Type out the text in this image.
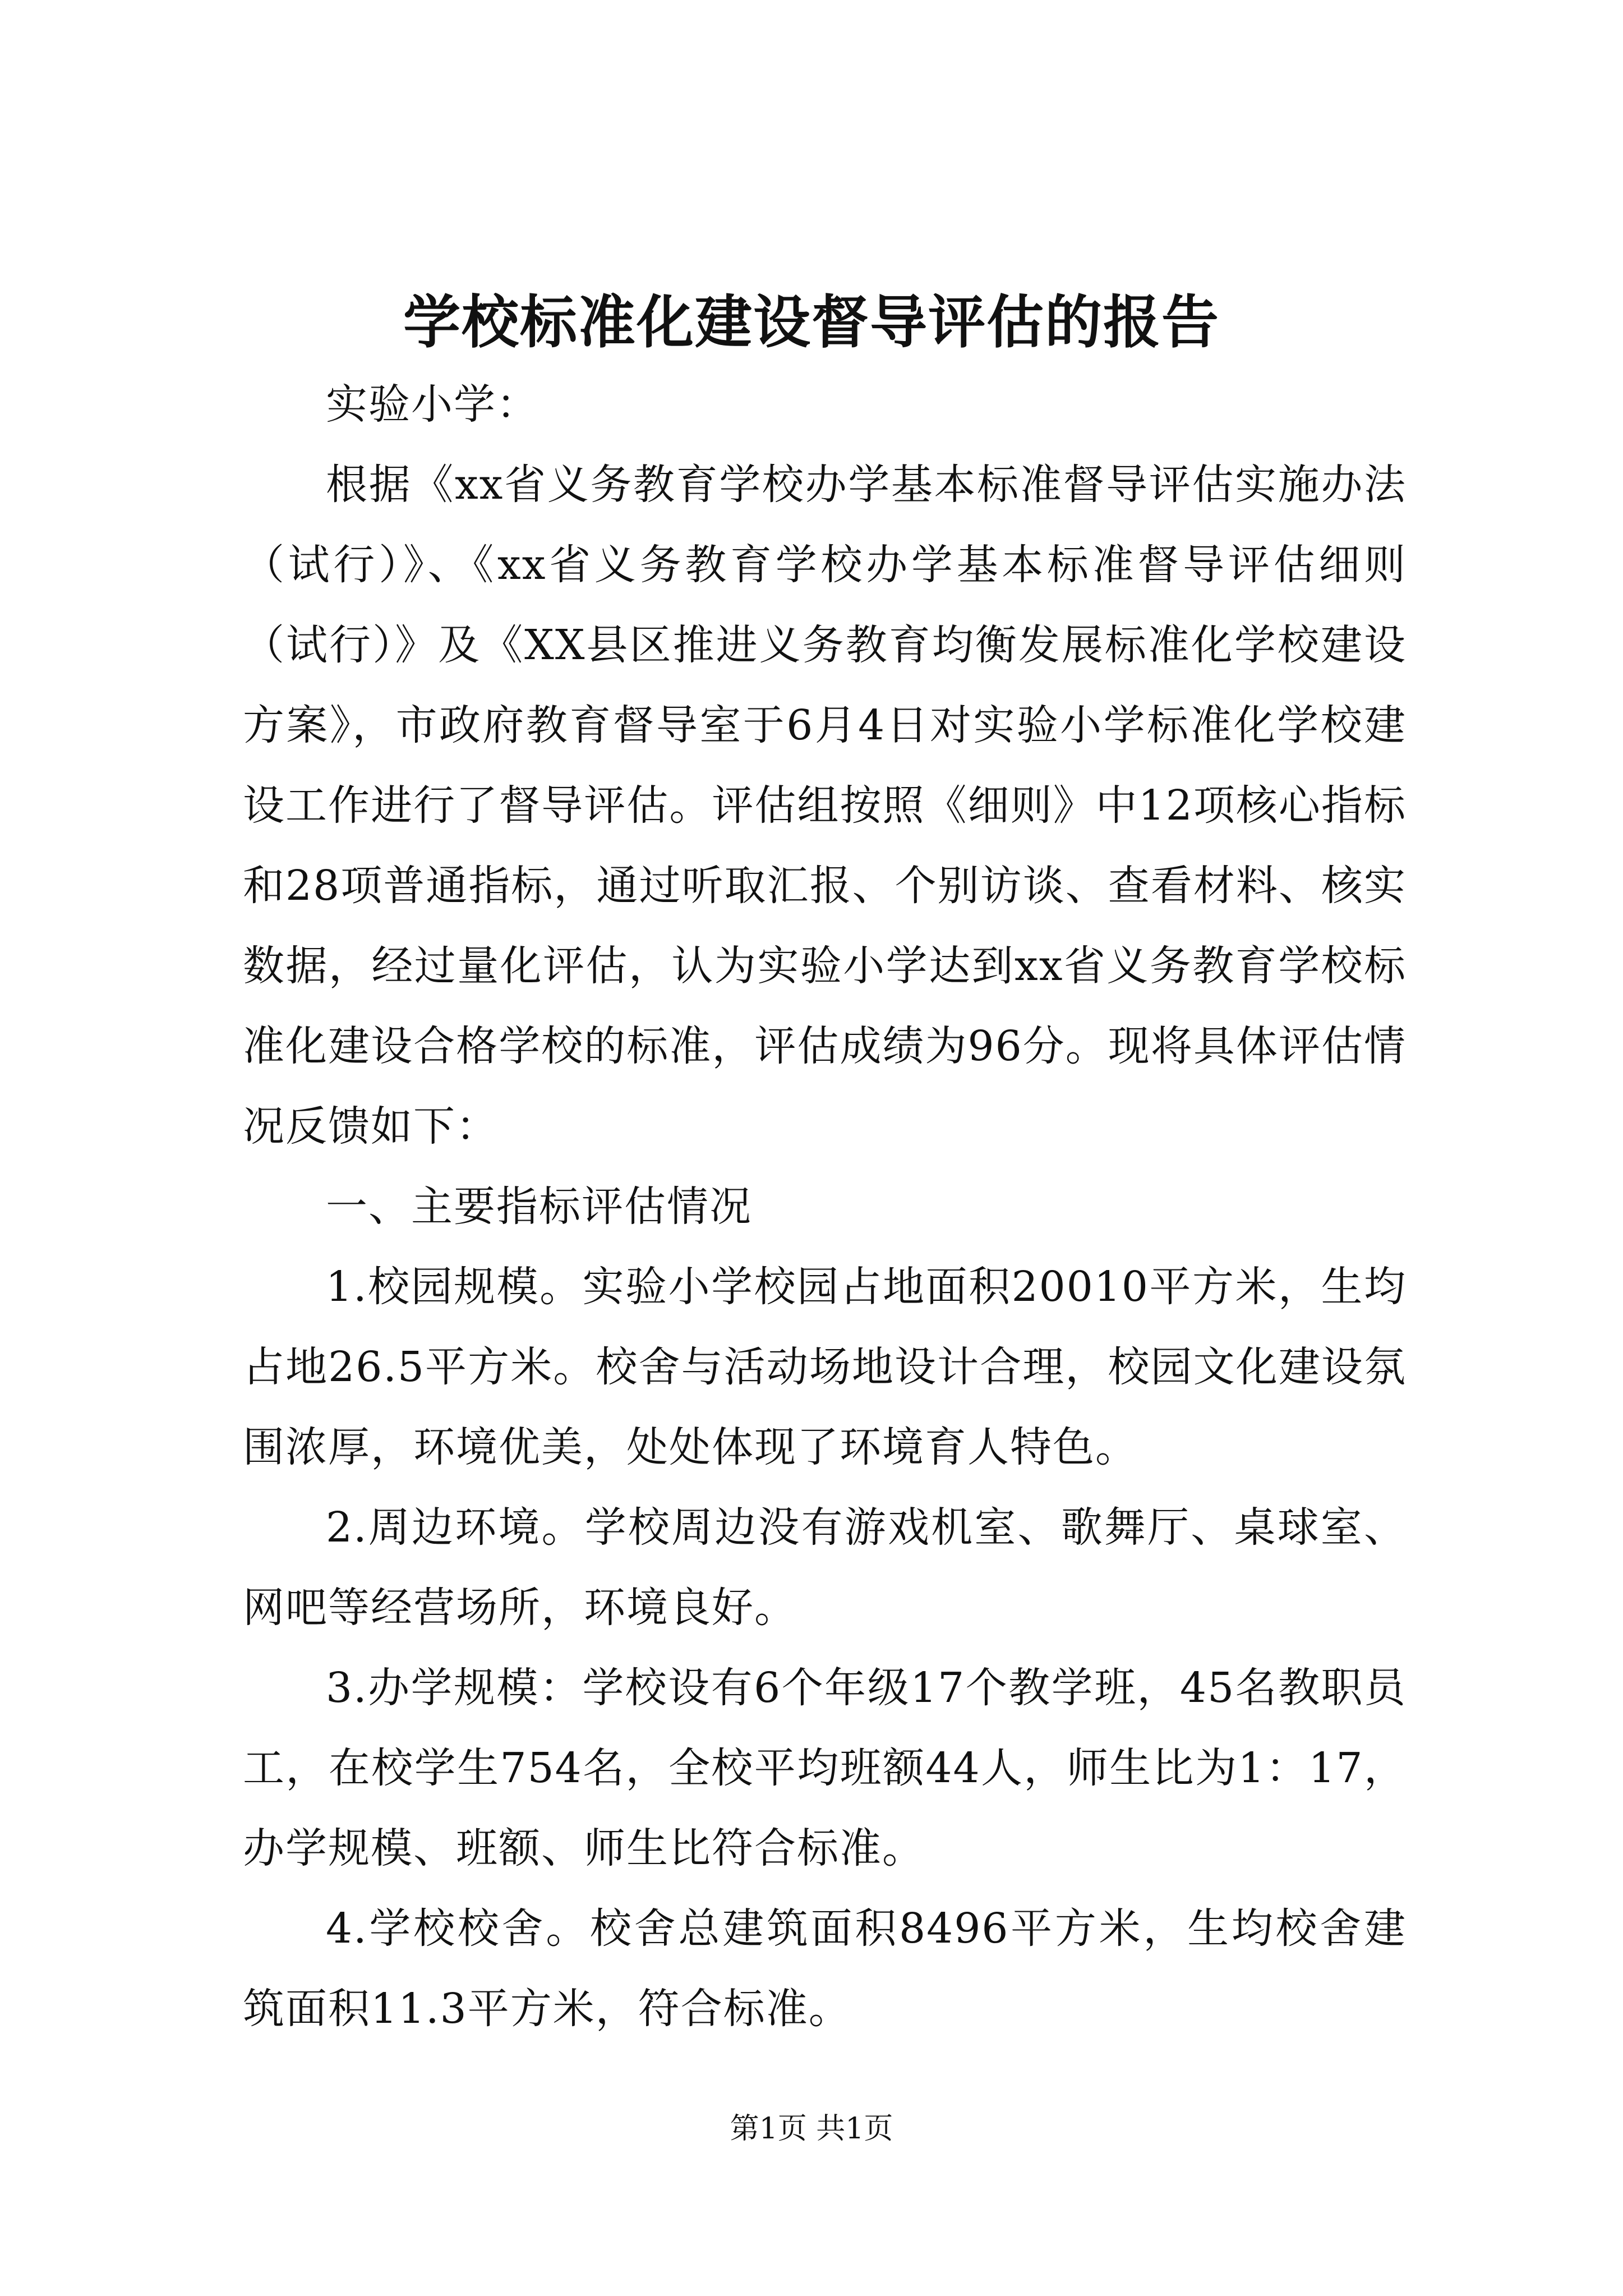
学校标准化建设督导评估的报告

实验小学：

根据《xx省义务教育学校办学基本标准督导评估实施办法（试行）》、《xx省义务教育学校办学基本标准督导评估细则（试行）》及《XX县区推进义务教育均衡发展标准化学校建设方案》，市政府教育督导室于6月4日对实验小学标准化学校建设工作进行了督导评估。评估组按照《细则》中12项核心指标和28项普通指标，通过听取汇报、个别访谈、查看材料、核实数据，经过量化评估，认为实验小学达到xx省义务教育学校标准化建设合格学校的标准，评估成绩为96分。现将具体评估情况反馈如下：

一、主要指标评估情况

1.校园规模。实验小学校园占地面积20010平方米，生均占地26.5平方米。校舍与活动场地设计合理，校园文化建设氛围浓厚，环境优美，处处体现了环境育人特色。

2.周边环境。学校周边没有游戏机室、歌舞厅、桌球室、网吧等经营场所，环境良好。

3.办学规模：学校设有6个年级17个教学班，45名教职员工，在校学生754名，全校平均班额44人，师生比为1：17，办学规模、班额、师生比符合标准。

4.学校校舍。校舍总建筑面积8496平方米，生均校舍建筑面积11.3平方米，符合标准。

第1页 共1页
